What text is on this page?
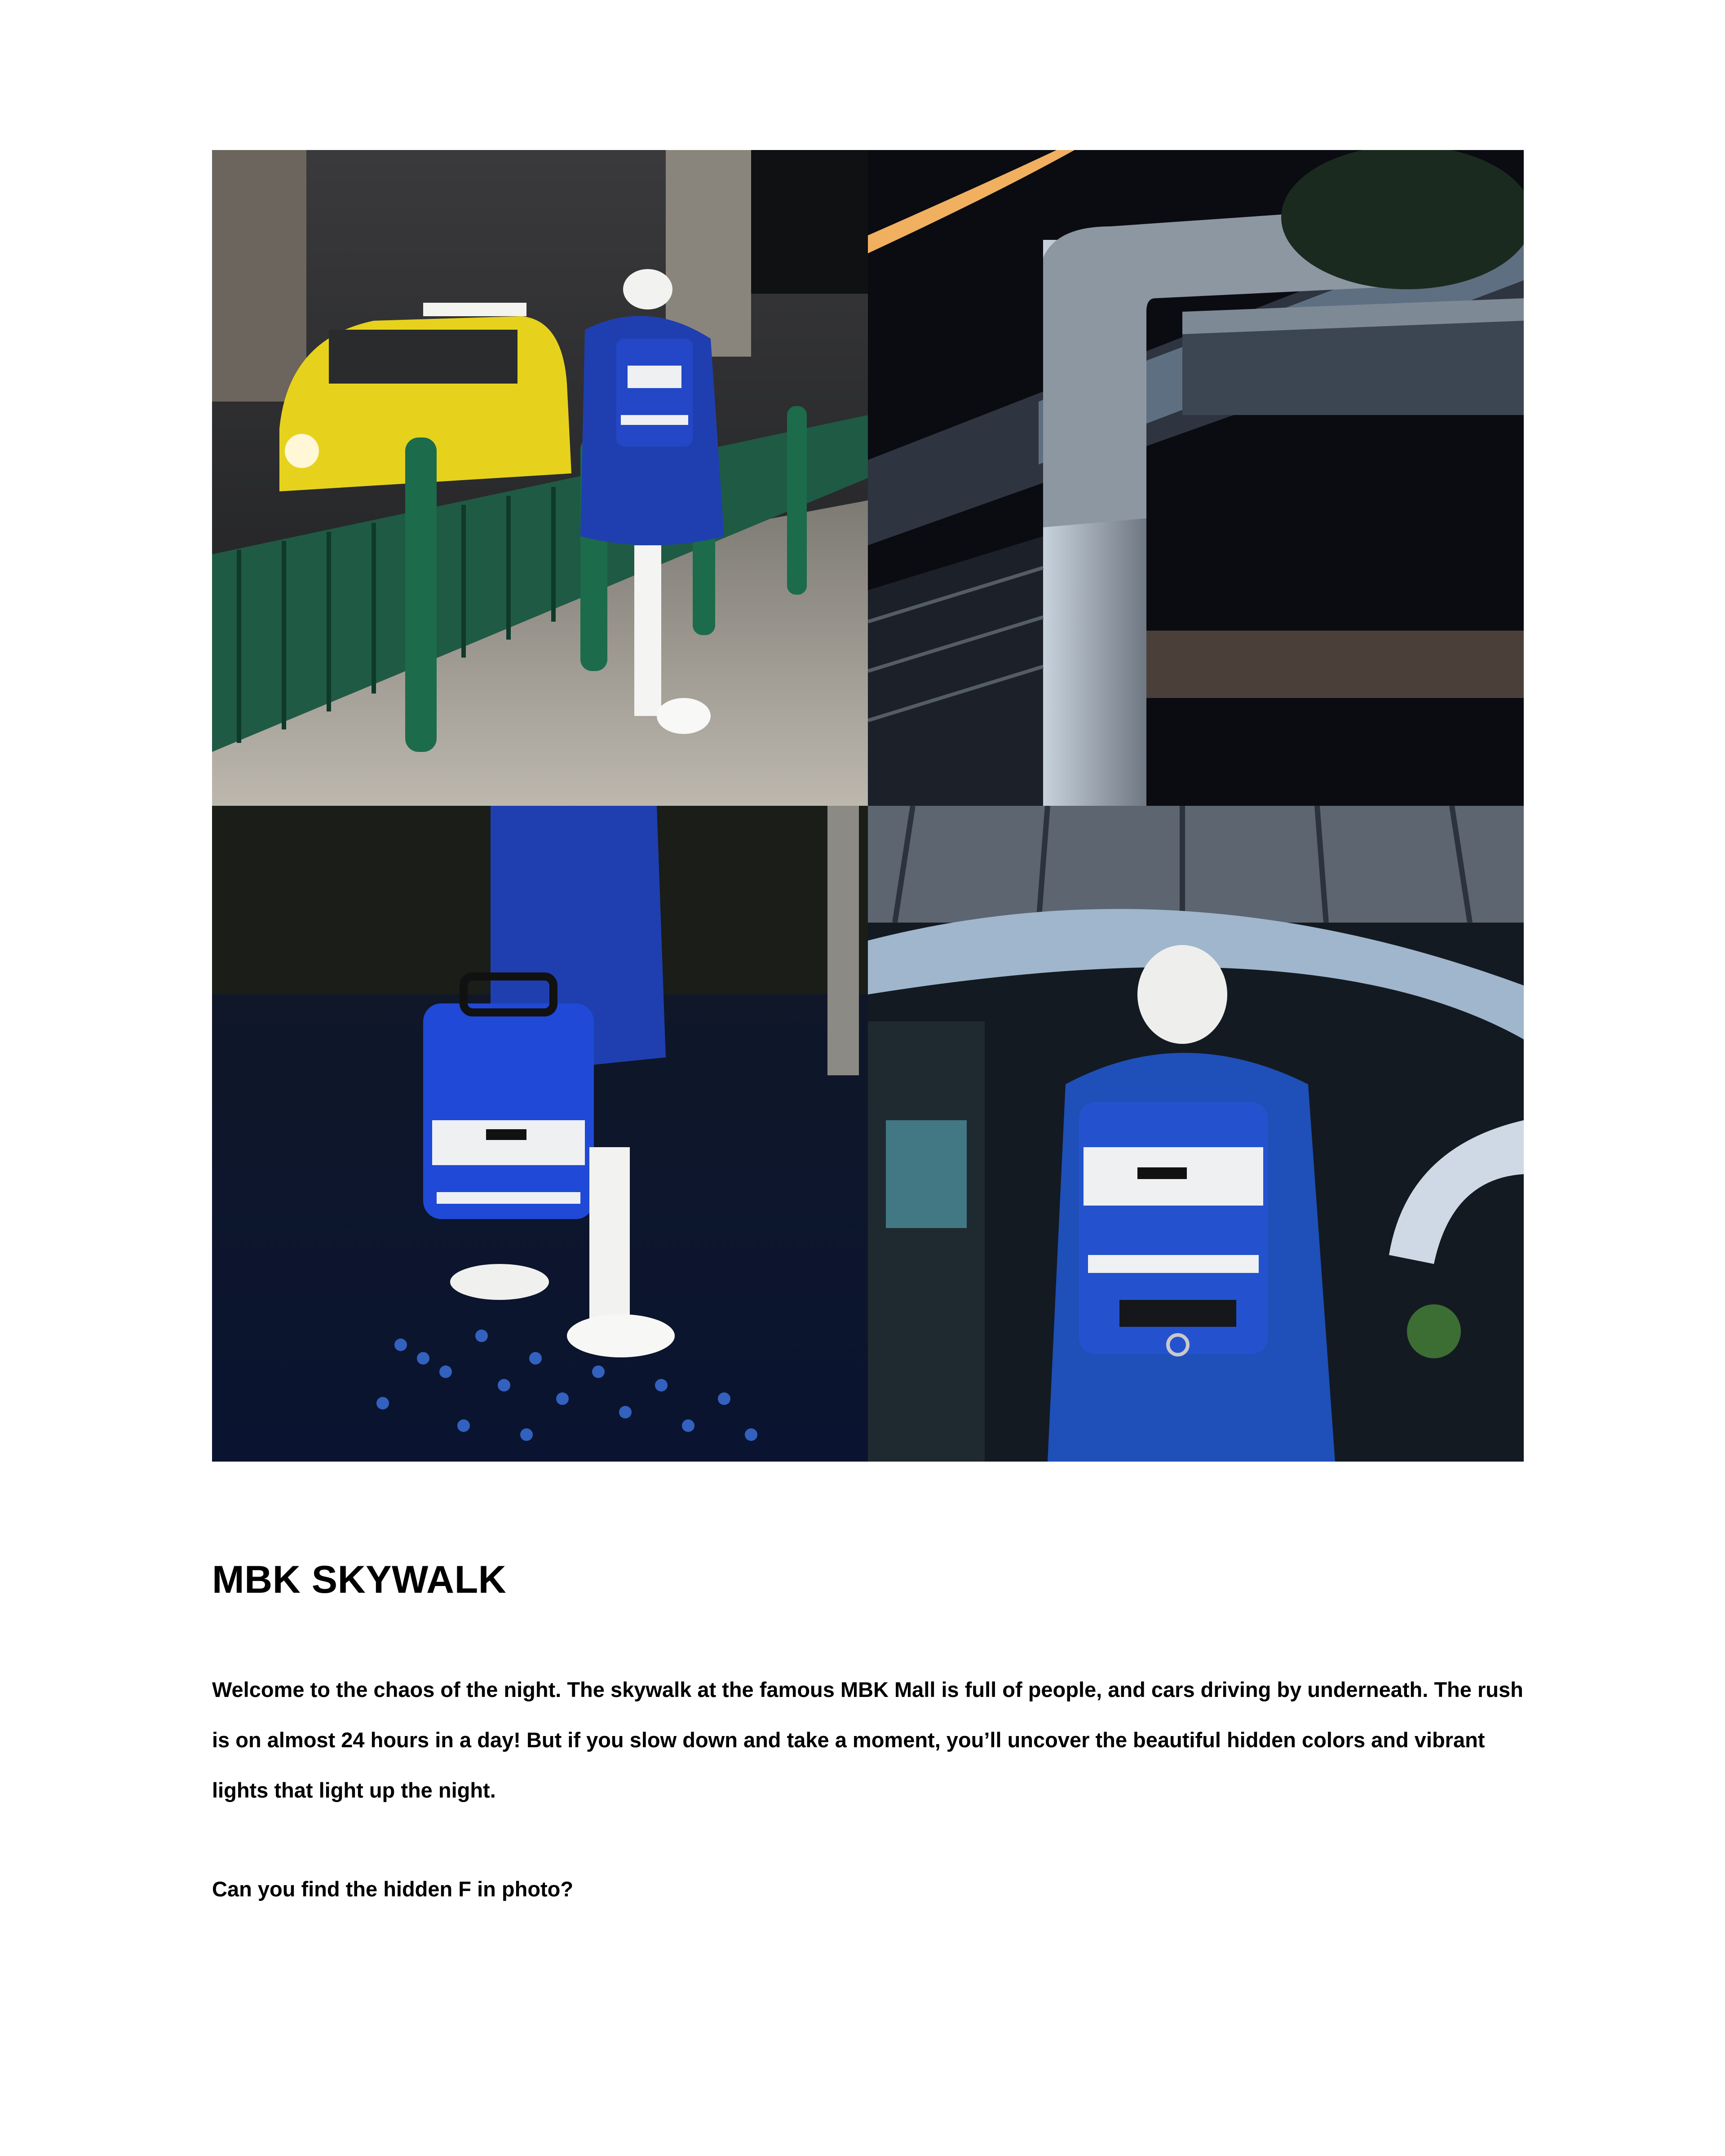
MBK SKYWALK

Welcome to the chaos of the night. The skywalk at the famous MBK Mall is full of people, and cars driving by underneath. The rush is on almost 24 hours in a day! But if you slow down and take a moment, you’ll uncover the beautiful hidden colors and vibrant lights that light up the night.

Can you find the hidden F in photo?
